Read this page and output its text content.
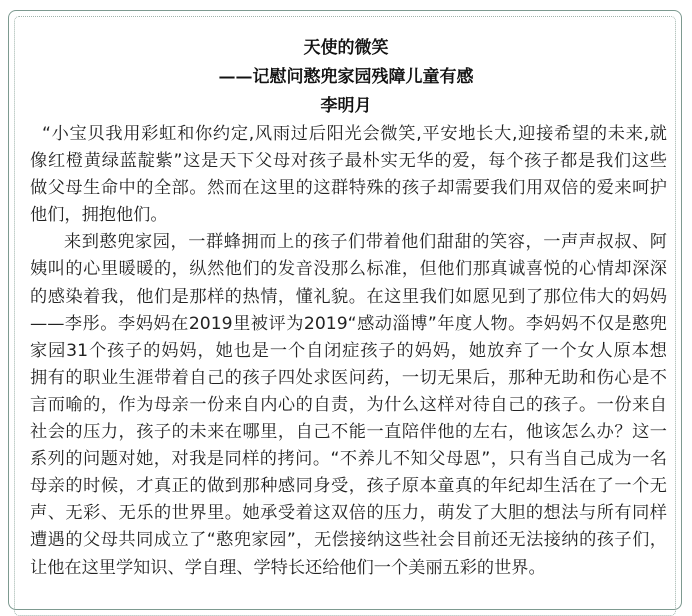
天使的微笑
——记慰问憨兜家园残障儿童有感
李明月
“小宝贝我用彩虹和你约定,风雨过后阳光会微笑,平安地长大,迎接希望的未来,就
像红橙黄绿蓝靛紫”这是天下父母对孩子最朴实无华的爱，每个孩子都是我们这些
做父母生命中的全部。然而在这里的这群特殊的孩子却需要我们用双倍的爱来呵护
他们，拥抱他们。
来到憨兜家园，一群蜂拥而上的孩子们带着他们甜甜的笑容，一声声叔叔、阿
姨叫的心里暖暖的，纵然他们的发音没那么标准，但他们那真诚喜悦的心情却深深
的感染着我，他们是那样的热情，懂礼貌。在这里我们如愿见到了那位伟大的妈妈
——李彤。李妈妈在2019里被评为2019“感动淄博”年度人物。李妈妈不仅是憨兜
家园31个孩子的妈妈，她也是一个自闭症孩子的妈妈，她放弃了一个女人原本想
拥有的职业生涯带着自己的孩子四处求医问药，一切无果后，那种无助和伤心是不
言而喻的，作为母亲一份来自内心的自责，为什么这样对待自己的孩子。一份来自
社会的压力，孩子的未来在哪里，自己不能一直陪伴他的左右，他该怎么办？这一
系列的问题对她，对我是同样的拷问。“不养儿不知父母恩”，只有当自己成为一名
母亲的时候，才真正的做到那种感同身受，孩子原本童真的年纪却生活在了一个无
声、无彩、无乐的世界里。她承受着这双倍的压力，萌发了大胆的想法与所有同样
遭遇的父母共同成立了“憨兜家园”，无偿接纳这些社会目前还无法接纳的孩子们，
让他在这里学知识、学自理、学特长还给他们一个美丽五彩的世界。
